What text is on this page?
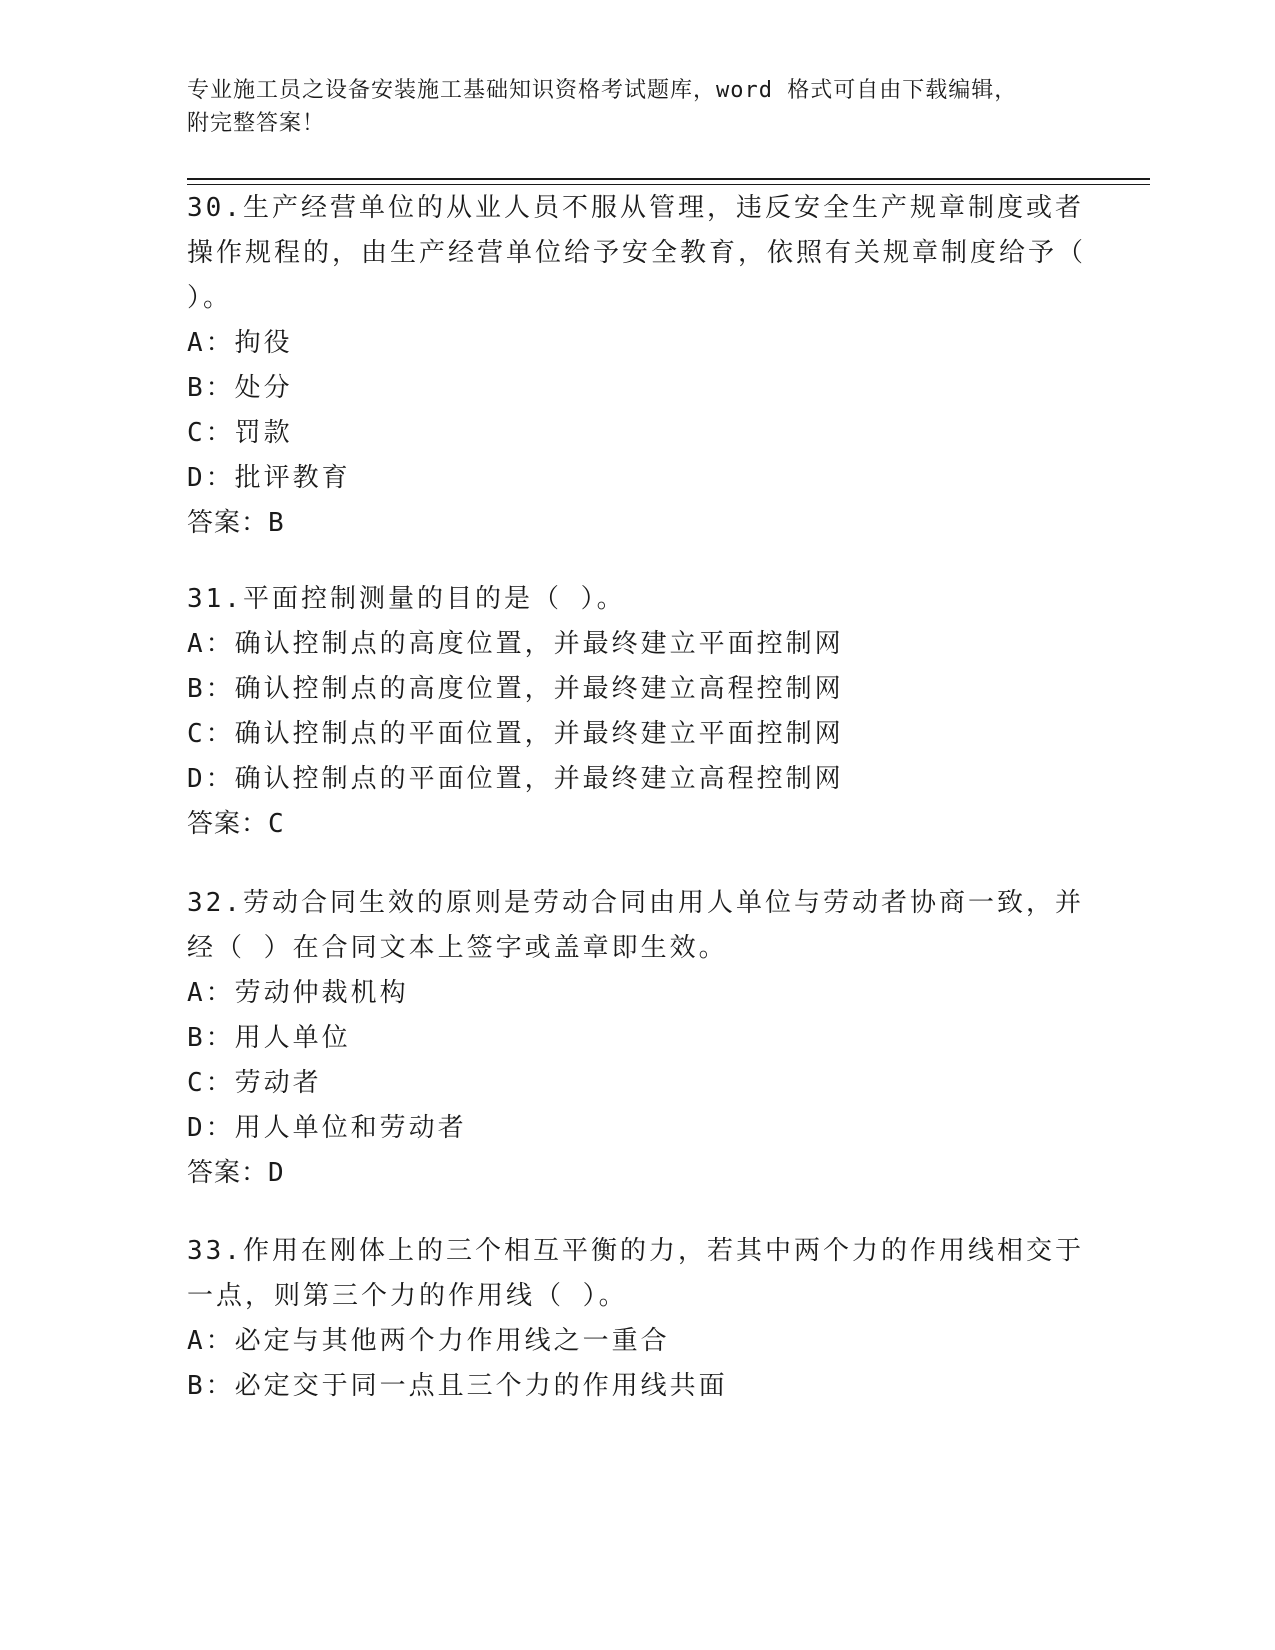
专业施工员之设备安装施工基础知识资格考试题库，word 格式可自由下载编辑，
附完整答案！
30.生产经营单位的从业人员不服从管理，违反安全生产规章制度或者操作规程的，由生产经营单位给予安全教育，依照有关规章制度给予（ ）。
A：拘役
B：处分
C：罚款
D：批评教育
答案：B
31.平面控制测量的目的是（ ）。
A：确认控制点的高度位置，并最终建立平面控制网
B：确认控制点的高度位置，并最终建立高程控制网
C：确认控制点的平面位置，并最终建立平面控制网
D：确认控制点的平面位置，并最终建立高程控制网
答案：C
32.劳动合同生效的原则是劳动合同由用人单位与劳动者协商一致，并经（ ）在合同文本上签字或盖章即生效。
A：劳动仲裁机构
B：用人单位
C：劳动者
D：用人单位和劳动者
答案：D
33.作用在刚体上的三个相互平衡的力，若其中两个力的作用线相交于一点，则第三个力的作用线（ ）。
A：必定与其他两个力作用线之一重合
B：必定交于同一点且三个力的作用线共面
